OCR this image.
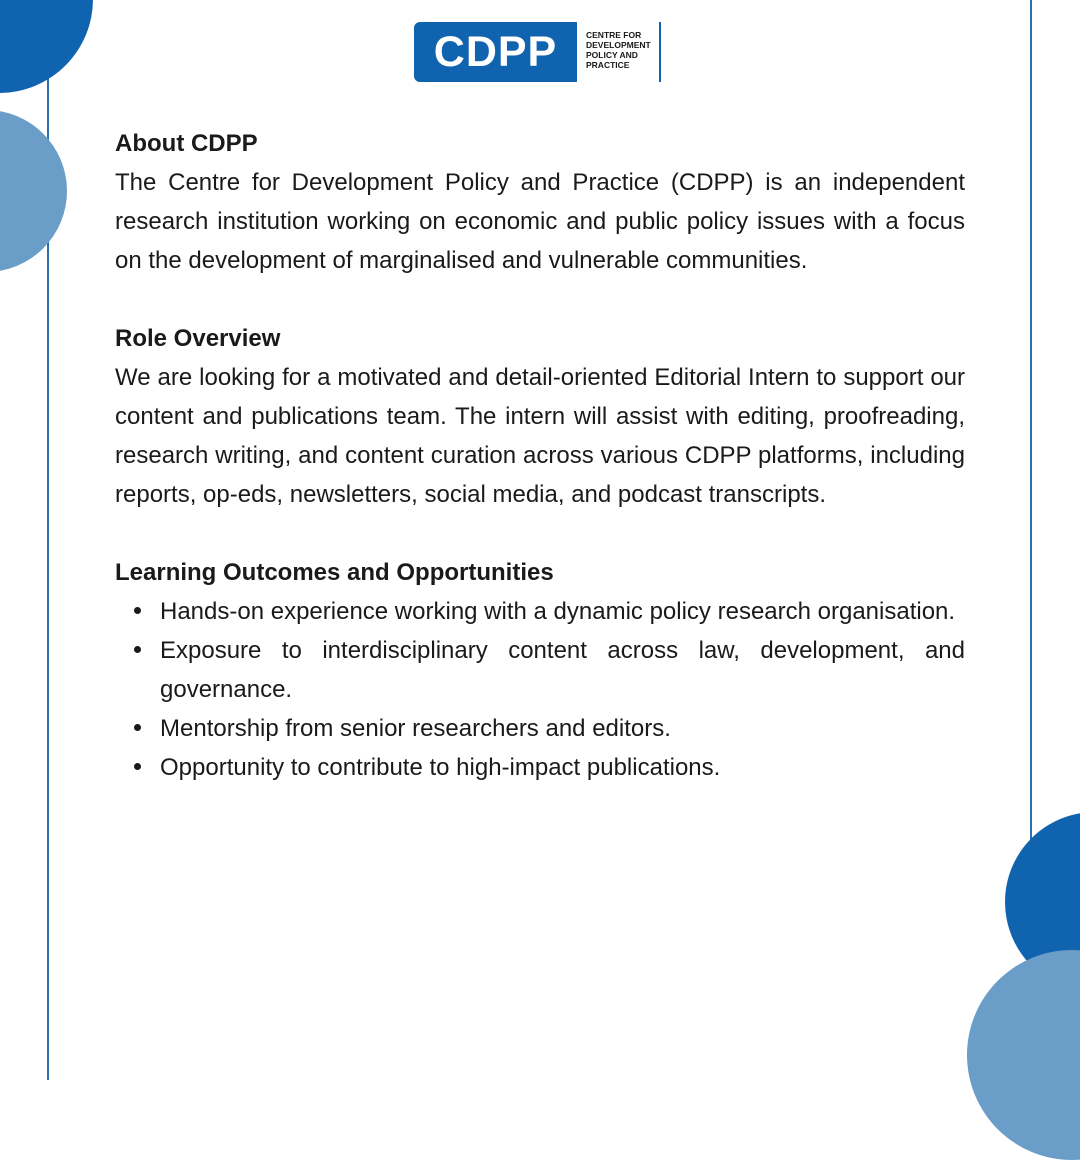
CDPP	CENTRE FOR
DEVELOPMENT
POLICY AND
PRACTICE

About CDPP

The Centre for Development Policy and Practice (CDPP) is an independent research institution working on economic and public policy issues with a focus on the development of marginalised and vulnerable communities.

Role Overview

We are looking for a motivated and detail-oriented Editorial Intern to support our content and publications team. The intern will assist with editing, proofreading, research writing, and content curation across various CDPP platforms, including reports, op-eds, newsletters, social media, and podcast transcripts.

Learning Outcomes and Opportunities

Hands-on experience working with a dynamic policy research organisation.
Exposure to interdisciplinary content across law, development, and governance.
Mentorship from senior researchers and editors.
Opportunity to contribute to high-impact publications.
